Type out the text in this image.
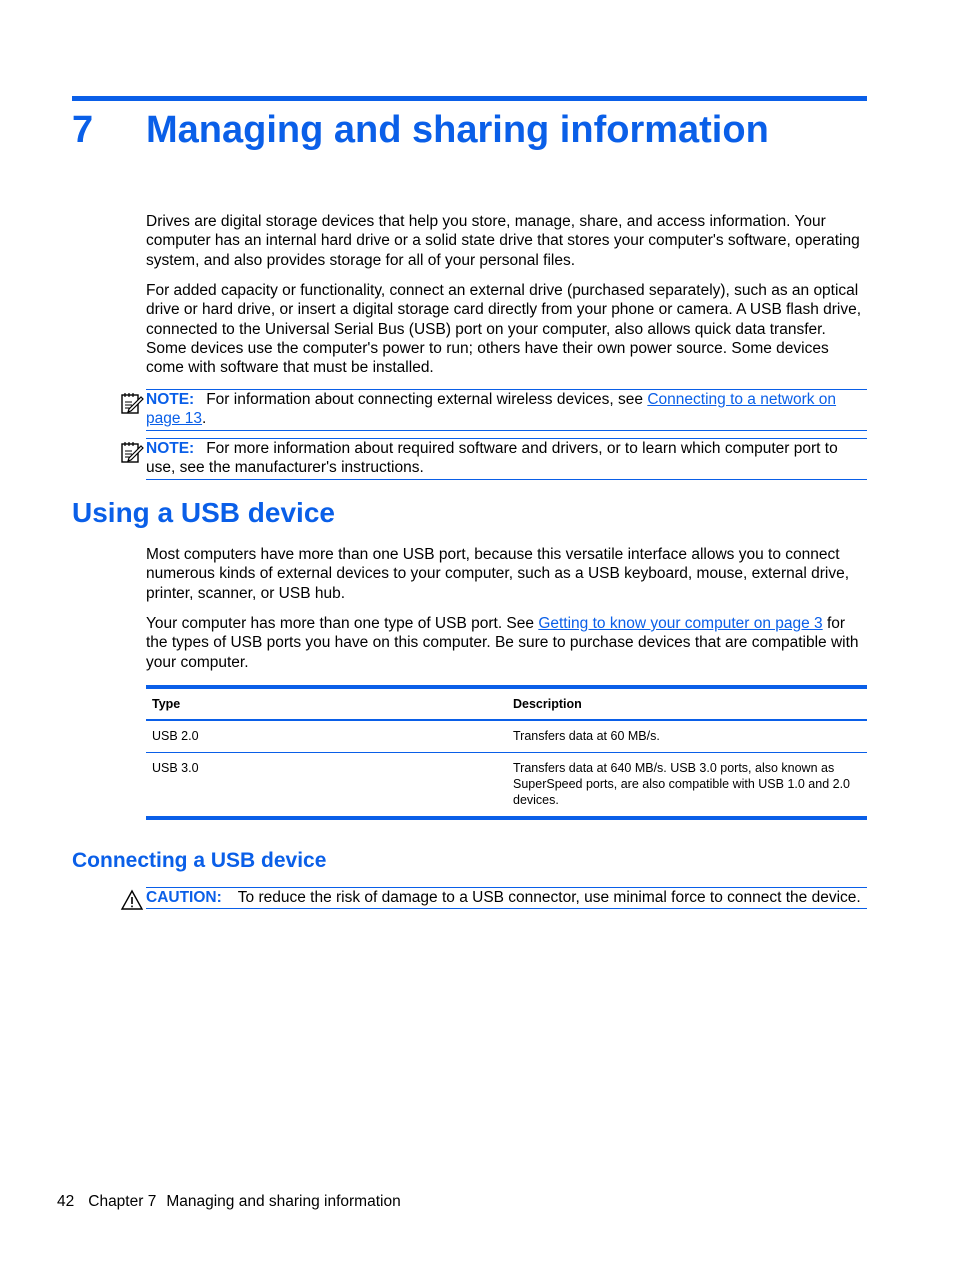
7 Managing and sharing information

Drives are digital storage devices that help you store, manage, share, and access information. Your computer has an internal hard drive or a solid state drive that stores your computer's software, operating system, and also provides storage for all of your personal files.

For added capacity or functionality, connect an external drive (purchased separately), such as an optical drive or hard drive, or insert a digital storage card directly from your phone or camera. A USB flash drive, connected to the Universal Serial Bus (USB) port on your computer, also allows quick data transfer. Some devices use the computer's power to run; others have their own power source. Some devices come with software that must be installed.

NOTE: For information about connecting external wireless devices, see Connecting to a network on page 13.
NOTE: For more information about required software and drivers, or to learn which computer port to use, see the manufacturer's instructions.
Using a USB device

Most computers have more than one USB port, because this versatile interface allows you to connect numerous kinds of external devices to your computer, such as a USB keyboard, mouse, external drive, printer, scanner, or USB hub.

Your computer has more than one type of USB port. See Getting to know your computer on page 3 for the types of USB ports you have on this computer. Be sure to purchase devices that are compatible with your computer.

Type	Description
USB 2.0	Transfers data at 60 MB/s.
USB 3.0	Transfers data at 640 MB/s. USB 3.0 ports, also known as SuperSpeed ports, are also compatible with USB 1.0 and 2.0 devices.
Connecting a USB device
CAUTION: To reduce the risk of damage to a USB connector, use minimal force to connect the device.
42 Chapter 7 Managing and sharing information
